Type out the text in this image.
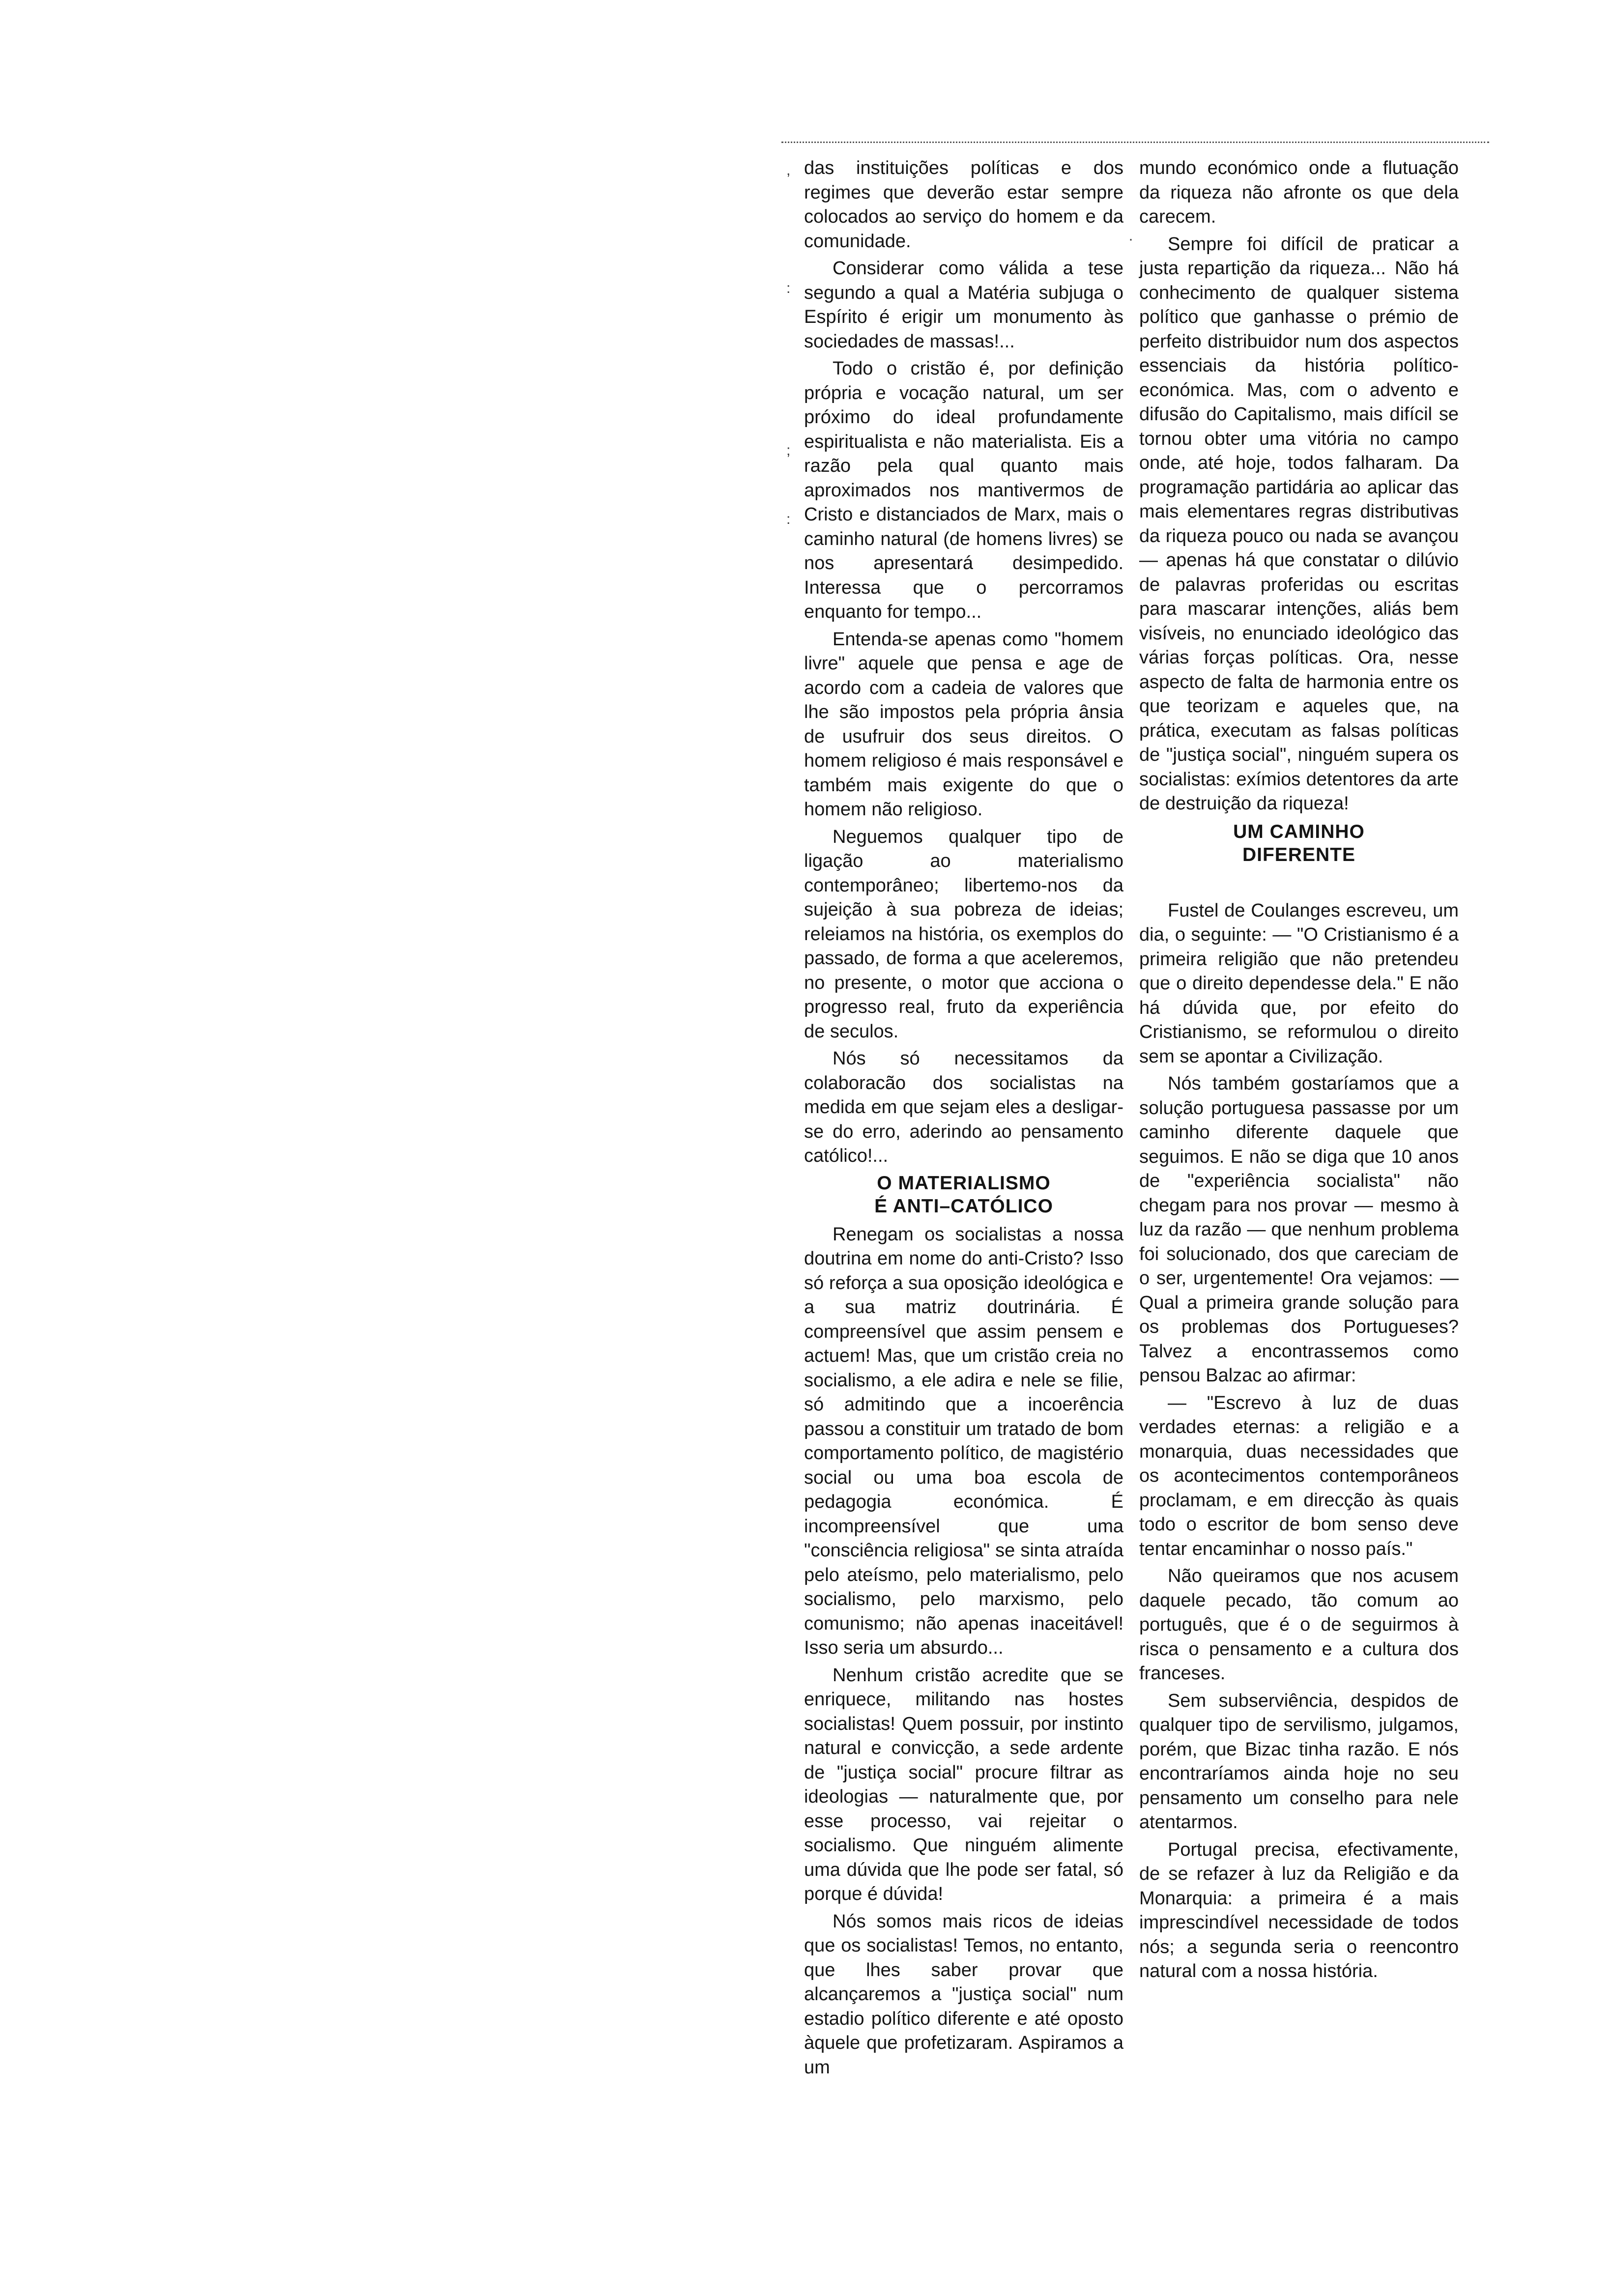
,
:
;
:
·

das instituições políticas e dos regimes que deverão estar sempre colocados ao serviço do homem e da comunidade.

Considerar como válida a tese segundo a qual a Matéria subjuga o Espírito é erigir um monumento às sociedades de massas!...

Todo o cristão é, por definição própria e vocação natural, um ser próximo do ideal profundamente espiritualista e não materialista. Eis a razão pela qual quanto mais aproximados nos mantivermos de Cristo e distanciados de Marx, mais o caminho natural (de homens livres) se nos apresentará desimpedido. Interessa que o percorramos enquanto for tempo...

Entenda-se apenas como "homem livre" aquele que pensa e age de acordo com a cadeia de valores que lhe são impostos pela própria ânsia de usufruir dos seus direitos. O homem religioso é mais responsável e também mais exigente do que o homem não religioso.

Neguemos qualquer tipo de ligação ao materialismo contemporâneo; libertemo-nos da sujeição à sua pobreza de ideias; releiamos na história, os exemplos do passado, de forma a que aceleremos, no presente, o motor que acciona o progresso real, fruto da experiência de seculos.

Nós só necessitamos da colaboracão dos socialistas na medida em que sejam eles a desligar-se do erro, aderindo ao pensamento católico!...

O MATERIALISMO
É ANTI–CATÓLICO

Renegam os socialistas a nossa doutrina em nome do anti-Cristo? Isso só reforça a sua oposição ideológica e a sua matriz doutrinária. É compreensível que assim pensem e actuem! Mas, que um cristão creia no socialismo, a ele adira e nele se filie, só admitindo que a incoerência passou a constituir um tratado de bom comportamento político, de magistério social ou uma boa escola de pedagogia económica. É incompreensível que uma "consciência religiosa" se sinta atraída pelo ateísmo, pelo materialismo, pelo socialismo, pelo marxismo, pelo comunismo; não apenas inaceitável! Isso seria um absurdo...

Nenhum cristão acredite que se enriquece, militando nas hostes socialistas! Quem possuir, por instinto natural e convicção, a sede ardente de "justiça social" procure filtrar as ideologias — naturalmente que, por esse processo, vai rejeitar o socialismo. Que ninguém alimente uma dúvida que lhe pode ser fatal, só porque é dúvida!

Nós somos mais ricos de ideias que os socialistas! Temos, no entanto, que lhes saber provar que alcançaremos a "justiça social" num estadio político diferente e até oposto àquele que profetizaram. Aspiramos a um

mundo económico onde a flutuação da riqueza não afronte os que dela carecem.

Sempre foi difícil de praticar a justa repartição da riqueza... Não há conhecimento de qualquer sistema político que ganhasse o prémio de perfeito distribuidor num dos aspectos essenciais da história político-económica. Mas, com o advento e difusão do Capitalismo, mais difícil se tornou obter uma vitória no campo onde, até hoje, todos falharam. Da programação partidária ao aplicar das mais elementares regras distributivas da riqueza pouco ou nada se avançou — apenas há que constatar o dilúvio de palavras proferidas ou escritas para mascarar intenções, aliás bem visíveis, no enunciado ideológico das várias forças políticas. Ora, nesse aspecto de falta de harmonia entre os que teorizam e aqueles que, na prática, executam as falsas políticas de "justiça social", ninguém supera os socialistas: exímios detentores da arte de destruição da riqueza!

UM CAMINHO
DIFERENTE

Fustel de Coulanges escreveu, um dia, o seguinte: — "O Cristianismo é a primeira religião que não pretendeu que o direito dependesse dela." E não há dúvida que, por efeito do Cristianismo, se reformulou o direito sem se apontar a Civilização.

Nós também gostaríamos que a solução portuguesa passasse por um caminho diferente daquele que seguimos. E não se diga que 10 anos de "experiência socialista" não chegam para nos provar — mesmo à luz da razão — que nenhum problema foi solucionado, dos que careciam de o ser, urgentemente! Ora vejamos: — Qual a primeira grande solução para os problemas dos Portugueses? Talvez a encontrassemos como pensou Balzac ao afirmar:

— "Escrevo à luz de duas verdades eternas: a religião e a monarquia, duas necessidades que os acontecimentos contemporâneos proclamam, e em direcção às quais todo o escritor de bom senso deve tentar encaminhar o nosso país."

Não queiramos que nos acusem daquele pecado, tão comum ao português, que é o de seguirmos à risca o pensamento e a cultura dos franceses.

Sem subserviência, despidos de qualquer tipo de servilismo, julgamos, porém, que Bizac tinha razão. E nós encontraríamos ainda hoje no seu pensamento um conselho para nele atentarmos.

Portugal precisa, efectivamente, de se refazer à luz da Religião e da Monarquia: a primeira é a mais imprescindível necessidade de todos nós; a segunda seria o reencontro natural com a nossa história.
